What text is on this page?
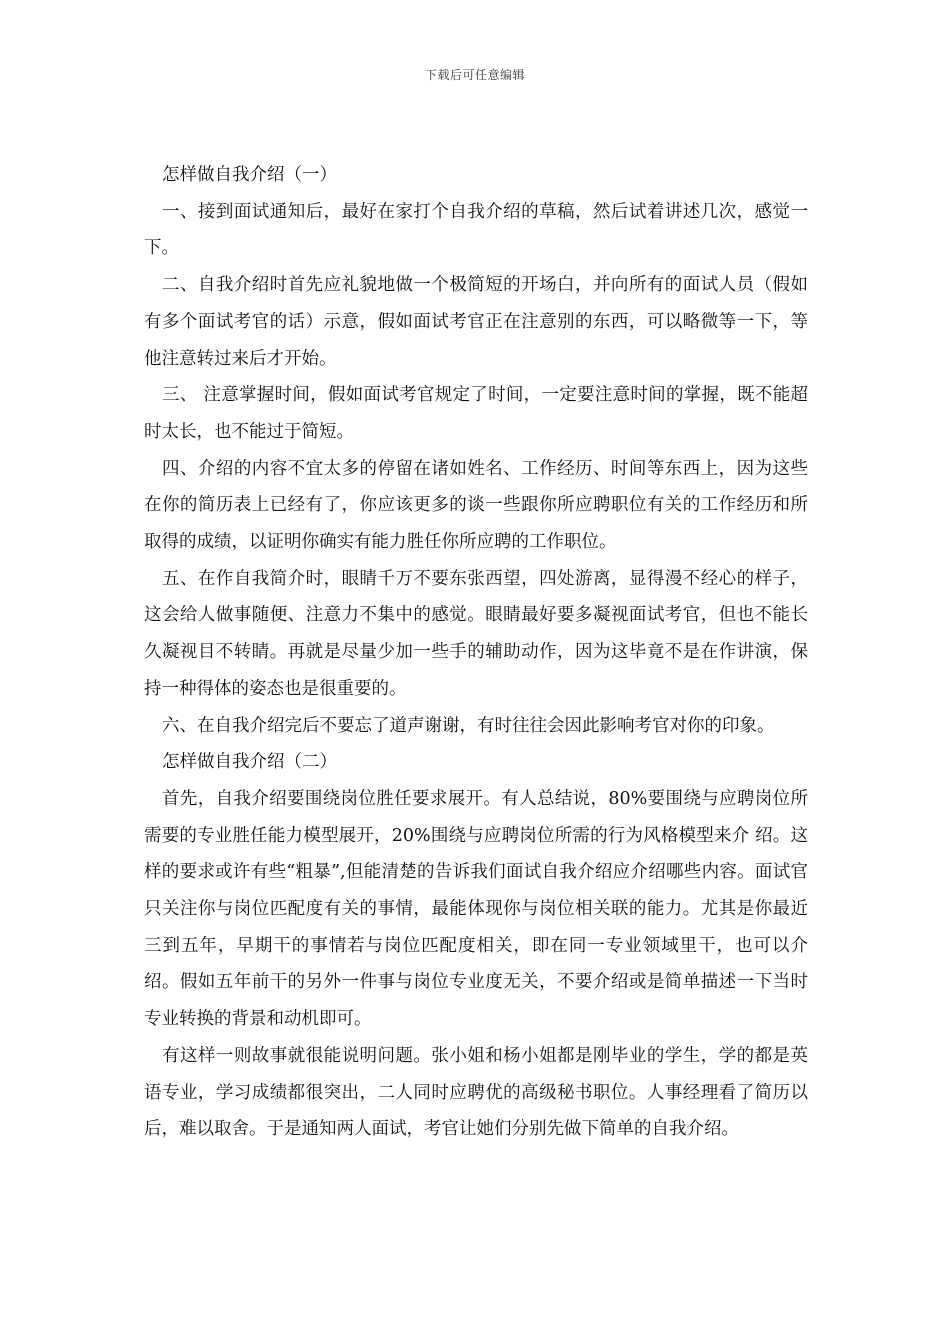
下载后可任意编辑

怎样做自我介绍（一）

一、接到面试通知后，最好在家打个自我介绍的草稿，然后试着讲述几次，感觉一下。

二、自我介绍时首先应礼貌地做一个极简短的开场白，并向所有的面试人员（假如有多个面试考官的话）示意，假如面试考官正在注意别的东西，可以略微等一下，等他注意转过来后才开始。

三、 注意掌握时间，假如面试考官规定了时间，一定要注意时间的掌握，既不能超时太长，也不能过于简短。

四、介绍的内容不宜太多的停留在诸如姓名、工作经历、时间等东西上，因为这些在你的简历表上已经有了，你应该更多的谈一些跟你所应聘职位有关的工作经历和所取得的成绩，以证明你确实有能力胜任你所应聘的工作职位。

五、在作自我简介时，眼睛千万不要东张西望，四处游离，显得漫不经心的样子，这会给人做事随便、注意力不集中的感觉。眼睛最好要多凝视面试考官，但也不能长久凝视目不转睛。再就是尽量少加一些手的辅助动作，因为这毕竟不是在作讲演，保持一种得体的姿态也是很重要的。

六、在自我介绍完后不要忘了道声谢谢，有时往往会因此影响考官对你的印象。

怎样做自我介绍（二）

首先，自我介绍要围绕岗位胜任要求展开。有人总结说，80%要围绕与应聘岗位所需要的专业胜任能力模型展开，20%围绕与应聘岗位所需的行为风格模型来介 绍。这样的要求或许有些“粗暴”,但能清楚的告诉我们面试自我介绍应介绍哪些内容。面试官只关注你与岗位匹配度有关的事情，最能体现你与岗位相关联的能力。尤其是你最近三到五年，早期干的事情若与岗位匹配度相关，即在同一专业领域里干，也可以介绍。假如五年前干的另外一件事与岗位专业度无关，不要介绍或是简单描述一下当时专业转换的背景和动机即可。

有这样一则故事就很能说明问题。张小姐和杨小姐都是刚毕业的学生，学的都是英语专业，学习成绩都很突出，二人同时应聘优的高级秘书职位。人事经理看了简历以后，难以取舍。于是通知两人面试，考官让她们分别先做下简单的自我介绍。
